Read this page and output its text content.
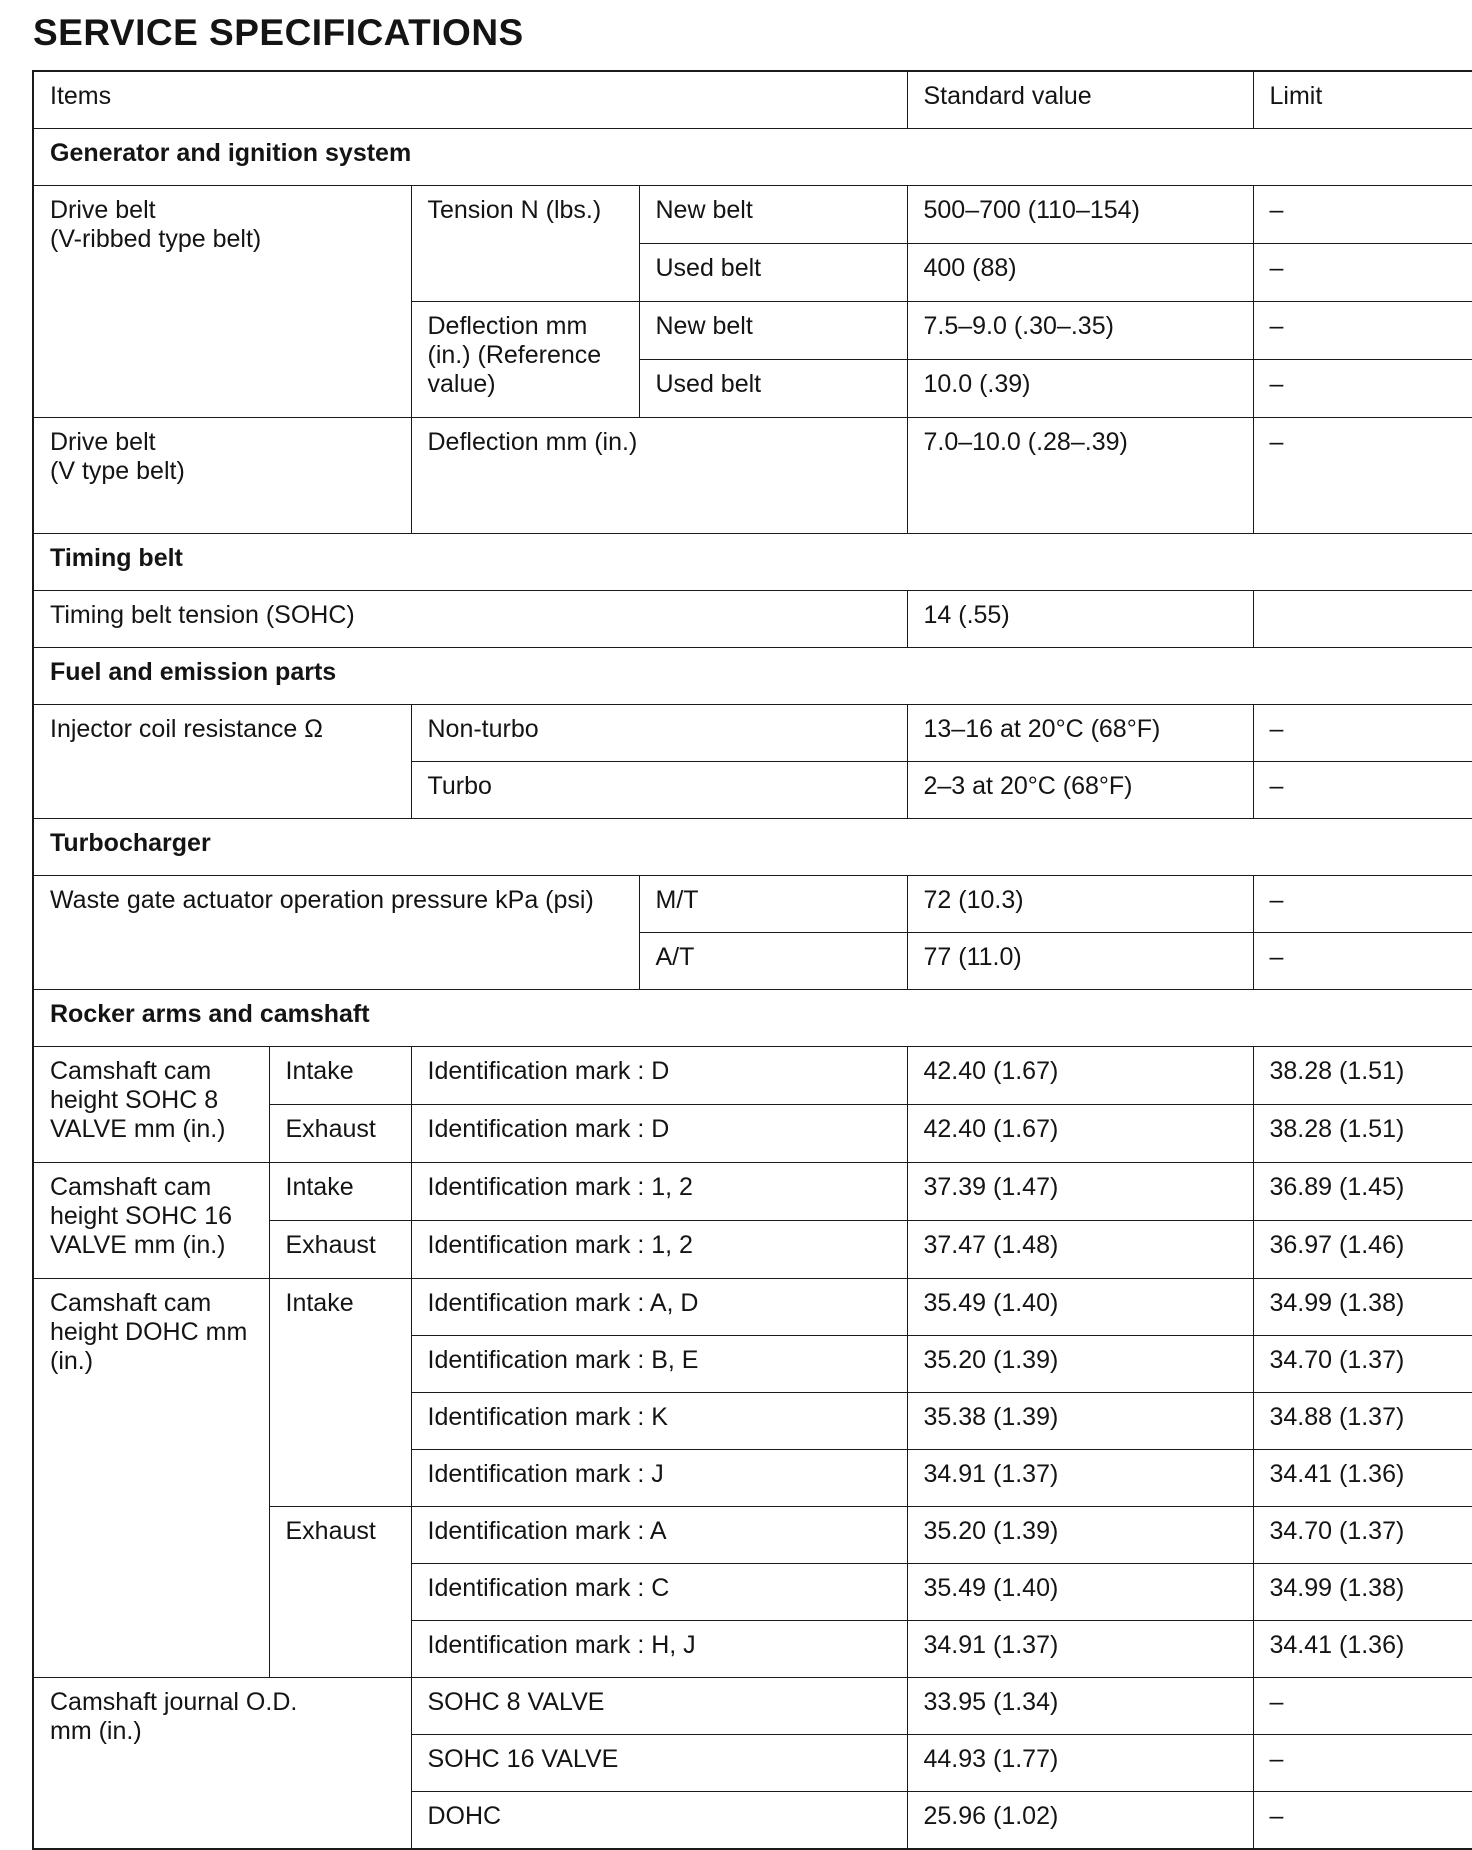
SERVICE SPECIFICATIONS
Items				Standard value	Limit
Generator and ignition system					
Drive belt
(V-ribbed type belt)		Tension N (lbs.)	New belt	500–700 (110–154)	–
			Used belt	400 (88)	–
		Deflection mm (in.) (Reference value)	New belt	7.5–9.0 (.30–.35)	–
			Used belt	10.0 (.39)	–
Drive belt
(V type belt)		Deflection mm (in.)		7.0–10.0 (.28–.39)	–
Timing belt					
Timing belt tension (SOHC)				14 (.55)	
Fuel and emission parts					
Injector coil resistance Ω		Non-turbo		13–16 at 20°C (68°F)	–
		Turbo		2–3 at 20°C (68°F)	–
Turbocharger					
Waste gate actuator operation pressure kPa (psi)			M/T	72 (10.3)	–
			A/T	77 (11.0)	–
Rocker arms and camshaft					
Camshaft cam height SOHC 8 VALVE mm (in.)	Intake	Identification mark : D		42.40 (1.67)	38.28 (1.51)
	Exhaust	Identification mark : D		42.40 (1.67)	38.28 (1.51)
Camshaft cam height SOHC 16 VALVE mm (in.)	Intake	Identification mark : 1, 2		37.39 (1.47)	36.89 (1.45)
	Exhaust	Identification mark : 1, 2		37.47 (1.48)	36.97 (1.46)
Camshaft cam height DOHC mm (in.)	Intake	Identification mark : A, D		35.49 (1.40)	34.99 (1.38)
		Identification mark : B, E		35.20 (1.39)	34.70 (1.37)
		Identification mark : K		35.38 (1.39)	34.88 (1.37)
		Identification mark : J		34.91 (1.37)	34.41 (1.36)
	Exhaust	Identification mark : A		35.20 (1.39)	34.70 (1.37)
		Identification mark : C		35.49 (1.40)	34.99 (1.38)
		Identification mark : H, J		34.91 (1.37)	34.41 (1.36)
Camshaft journal O.D.
mm (in.)		SOHC 8 VALVE		33.95 (1.34)	–
		SOHC 16 VALVE		44.93 (1.77)	–
		DOHC		25.96 (1.02)	–
